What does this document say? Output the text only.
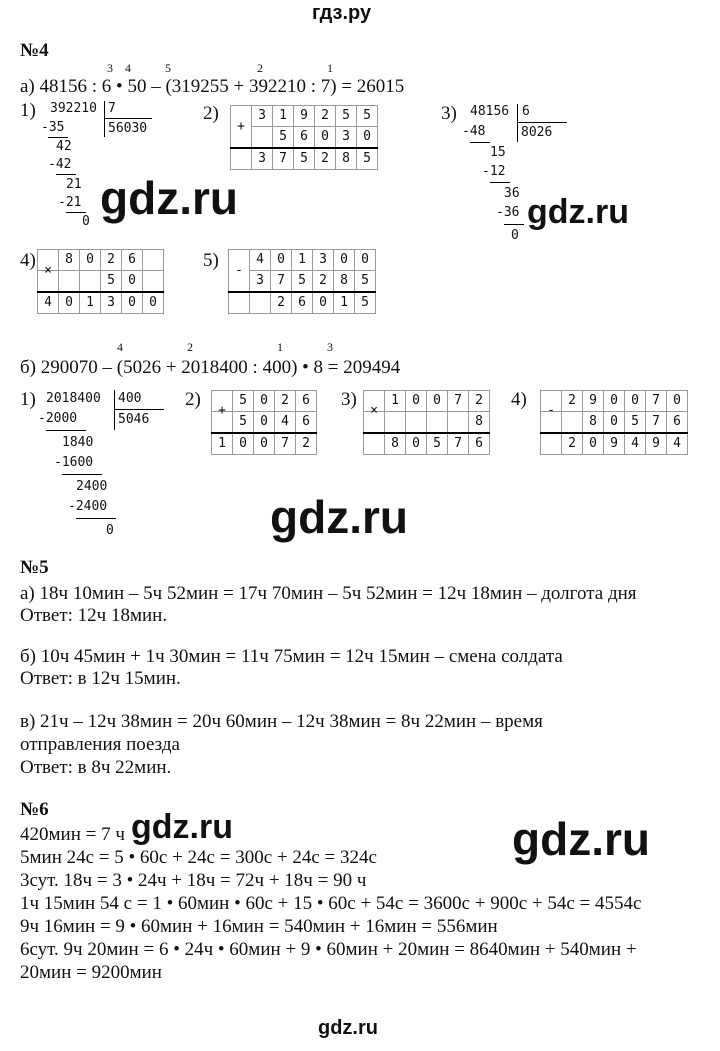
гдз.ру
№4
3 4	5	2	1
а) 48156 : 6 • 50 – (319255 + 392210 : 7) = 26015
1) 392210 7
56030
-35
42
-42
21
-21
0 gdz.ru
2)
+	3	1	9	2	5	5
		5	6	0	3	0
	3	7	5	2	8	5
3) 48156 6
8026
-48
15
-12
36
-36
0
gdz.ru
4)
	8	0	2	6	
×			5	0	
4	0	1	3	0	0
5) -	4	0	1	3	0	0
	3	7	5	2	8	5
		2	6	0	1	5
4	2	1	3
б) 290070 – (5026 + 2018400 : 400) • 8 = 209494
1) 2018400 400
5046
-2000
1840
-1600
2400
-2400
0
2)
+	5	0	2	6
	5	0	4	6
1	0	0	7	2
3)
×	1	0	0	7	2
					8
	8	0	5	7	6
4)
-	2	9	0	0	7	0
		8	0	5	7	6
	2	0	9	4	9	4
gdz.ru
№5
а) 18ч 10мин – 5ч 52мин = 17ч 70мин – 5ч 52мин = 12ч 18мин – долгота дня
Ответ: 12ч 18мин.
б) 10ч 45мин + 1ч 30мин = 11ч 75мин = 12ч 15мин – смена солдата
Ответ: в 12ч 15мин.
в) 21ч – 12ч 38мин = 20ч 60мин – 12ч 38мин = 8ч 22мин – время
отправления поезда
Ответ: в 8ч 22мин.
№6
420мин = 7 ч
5мин 24с = 5 • 60с + 24с = 300с + 24с = 324с
3сут. 18ч = 3 • 24ч + 18ч = 72ч + 18ч = 90 ч
1ч 15мин 54 с = 1 • 60мин • 60с + 15 • 60с + 54с = 3600с + 900с + 54с = 4554с
9ч 16мин = 9 • 60мин + 16мин = 540мин + 16мин = 556мин
6сут. 9ч 20мин = 6 • 24ч • 60мин + 9 • 60мин + 20мин = 8640мин + 540мин +
20мин = 9200мин
gdz.ru	gdz.ru
gdz.ru
